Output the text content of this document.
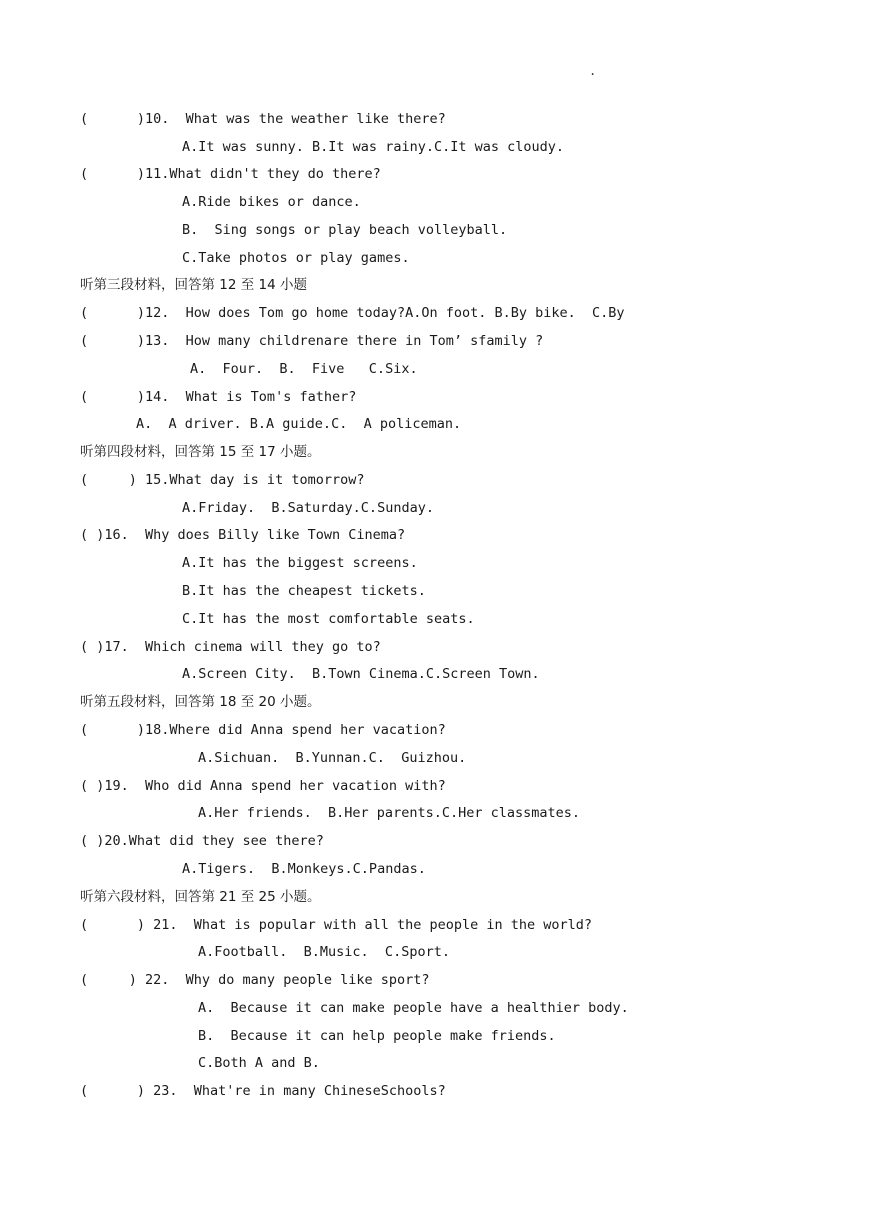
.
(      )10.  What was the weather like there?
A.It was sunny. B.It was rainy.C.It was cloudy.
(      )11.What didn't they do there?
A.Ride bikes or dance.
B.  Sing songs or play beach volleyball.
C.Take photos or play games.
听第三段材料，回答第 12 至 14 小题
(      )12.  How does Tom go home today?A.On foot. B.By bike.  C.By
(      )13.  How many childrenare there in Tom’ sfamily ?
A.  Four.  B.  Five   C.Six.
(      )14.  What is Tom's father?
A.  A driver. B.A guide.C.  A policeman.
听第四段材料，回答第 15 至 17 小题。
(     ) 15.What day is it tomorrow?
A.Friday.  B.Saturday.C.Sunday.
( )16.  Why does Billy like Town Cinema?
A.It has the biggest screens.
B.It has the cheapest tickets.
C.It has the most comfortable seats.
( )17.  Which cinema will they go to?
A.Screen City.  B.Town Cinema.C.Screen Town.
听第五段材料，回答第 18 至 20 小题。
(      )18.Where did Anna spend her vacation?
A.Sichuan.  B.Yunnan.C.  Guizhou.
( )19.  Who did Anna spend her vacation with?
A.Her friends.  B.Her parents.C.Her classmates.
( )20.What did they see there?
A.Tigers.  B.Monkeys.C.Pandas.
听第六段材料，回答第 21 至 25 小题。
(      ) 21.  What is popular with all the people in the world?
A.Football.  B.Music.  C.Sport.
(     ) 22.  Why do many people like sport?
A.  Because it can make people have a healthier body.
B.  Because it can help people make friends.
C.Both A and B.
(      ) 23.  What're in many ChineseSchools?
